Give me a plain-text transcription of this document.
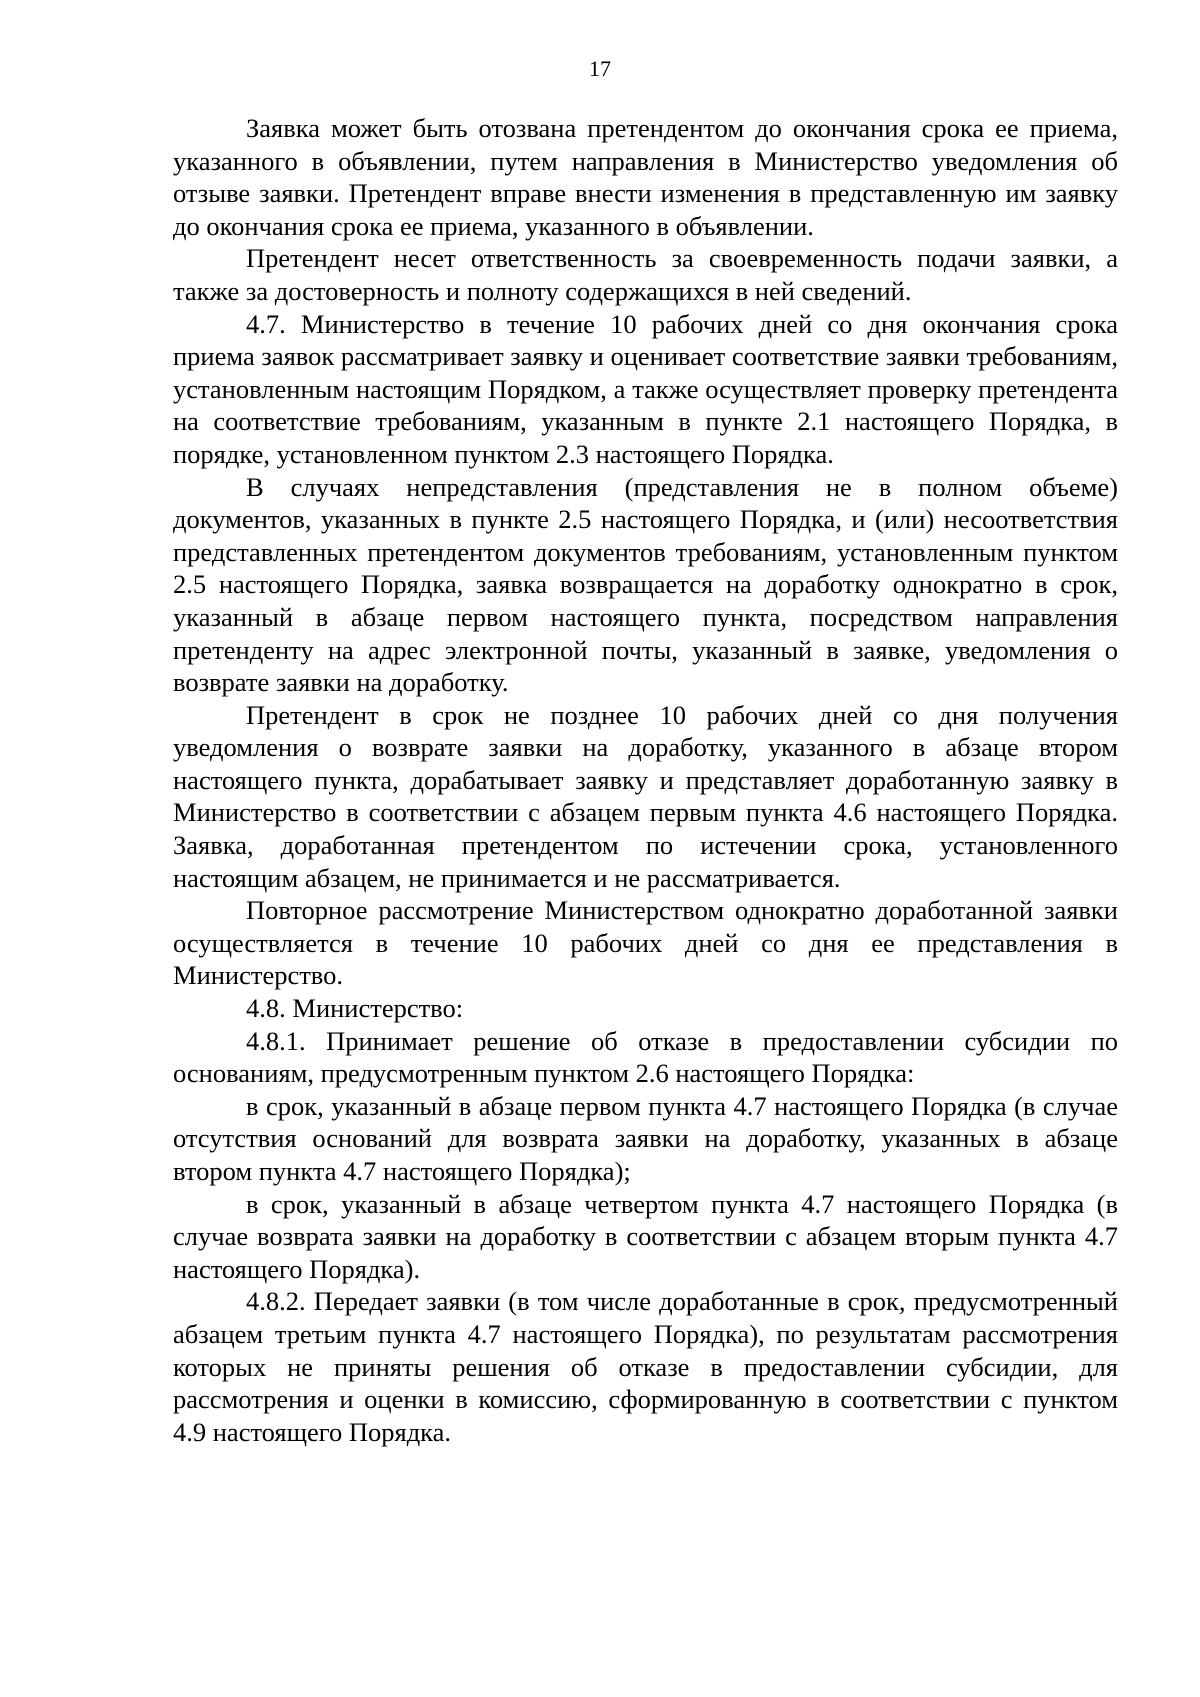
17

Заявка может быть отозвана претендентом до окончания срока ее приема, указанного в объявлении, путем направления в Министерство уведомления об отзыве заявки. Претендент вправе внести изменения в представленную им заявку до окончания срока ее приема, указанного в объявлении.

Претендент несет ответственность за своевременность подачи заявки, а также за достоверность и полноту содержащихся в ней сведений.

4.7. Министерство в течение 10 рабочих дней со дня окончания срока приема заявок рассматривает заявку и оценивает соответствие заявки требованиям, установленным настоящим Порядком, а также осуществляет проверку претендента на соответствие требованиям, указанным в пункте 2.1 настоящего Порядка, в порядке, установленном пунктом 2.3 настоящего Порядка.

В случаях непредставления (представления не в полном объеме) документов, указанных в пункте 2.5 настоящего Порядка, и (или) несоответствия представленных претендентом документов требованиям, установленным пунктом 2.5 настоящего Порядка, заявка возвращается на доработку однократно в срок, указанный в абзаце первом настоящего пункта, посредством направления претенденту на адрес электронной почты, указанный в заявке, уведомления о возврате заявки на доработку.

Претендент в срок не позднее 10 рабочих дней со дня получения уведомления о возврате заявки на доработку, указанного в абзаце втором настоящего пункта, дорабатывает заявку и представляет доработанную заявку в Министерство в соответствии с абзацем первым пункта 4.6 настоящего Порядка. Заявка, доработанная претендентом по истечении срока, установленного настоящим абзацем, не принимается и не рассматривается.

Повторное рассмотрение Министерством однократно доработанной заявки осуществляется в течение 10 рабочих дней со дня ее представления в Министерство.

4.8. Министерство:

4.8.1. Принимает решение об отказе в предоставлении субсидии по основаниям, предусмотренным пунктом 2.6 настоящего Порядка:

в срок, указанный в абзаце первом пункта 4.7 настоящего Порядка (в случае отсутствия оснований для возврата заявки на доработку, указанных в абзаце втором пункта 4.7 настоящего Порядка);

в срок, указанный в абзаце четвертом пункта 4.7 настоящего Порядка (в случае возврата заявки на доработку в соответствии с абзацем вторым пункта 4.7 настоящего Порядка).

4.8.2. Передает заявки (в том числе доработанные в срок, предусмотренный абзацем третьим пункта 4.7 настоящего Порядка), по результатам рассмотрения которых не приняты решения об отказе в предоставлении субсидии, для рассмотрения и оценки в комиссию, сформированную в соответствии с пунктом 4.9 настоящего Порядка.
